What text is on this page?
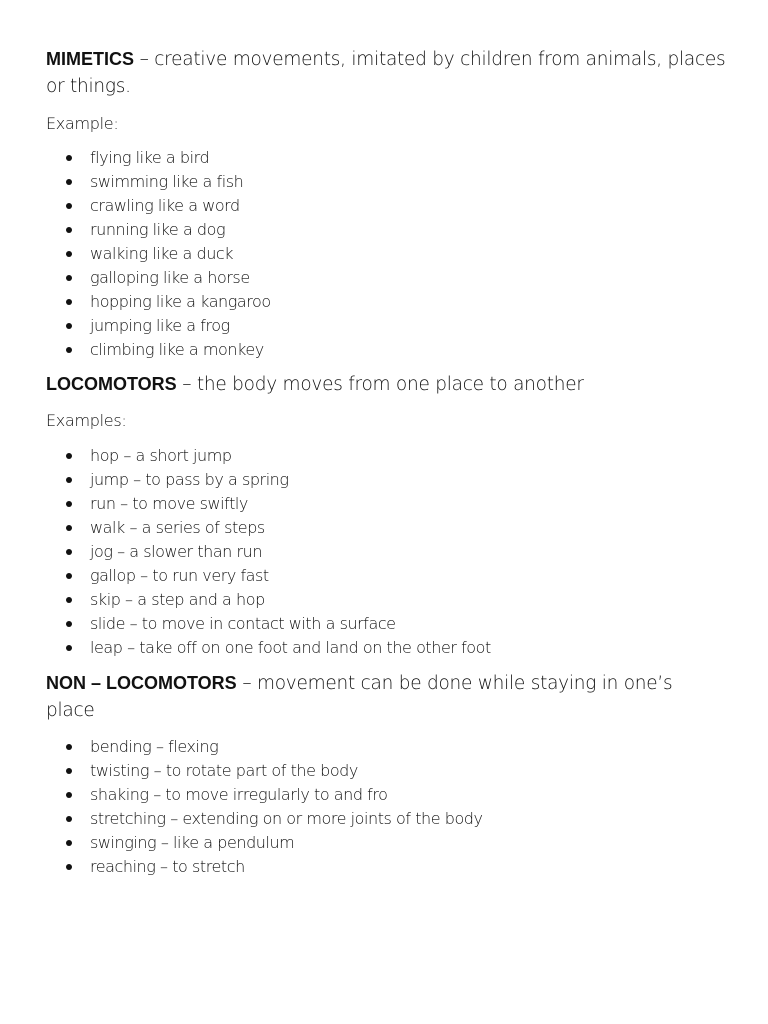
MIMETICS – creative movements, imitated by children from animals, places or things.

Example:

flying like a bird
swimming like a fish
crawling like a word
running like a dog
walking like a duck
galloping like a horse
hopping like a kangaroo
jumping like a frog
climbing like a monkey

LOCOMOTORS – the body moves from one place to another

Examples:

hop – a short jump
jump – to pass by a spring
run – to move swiftly
walk – a series of steps
jog – a slower than run
gallop – to run very fast
skip – a step and a hop
slide – to move in contact with a surface
leap – take off on one foot and land on the other foot

NON – LOCOMOTORS – movement can be done while staying in one’s place

bending – flexing
twisting – to rotate part of the body
shaking – to move irregularly to and fro
stretching – extending on or more joints of the body
swinging – like a pendulum
reaching – to stretch
